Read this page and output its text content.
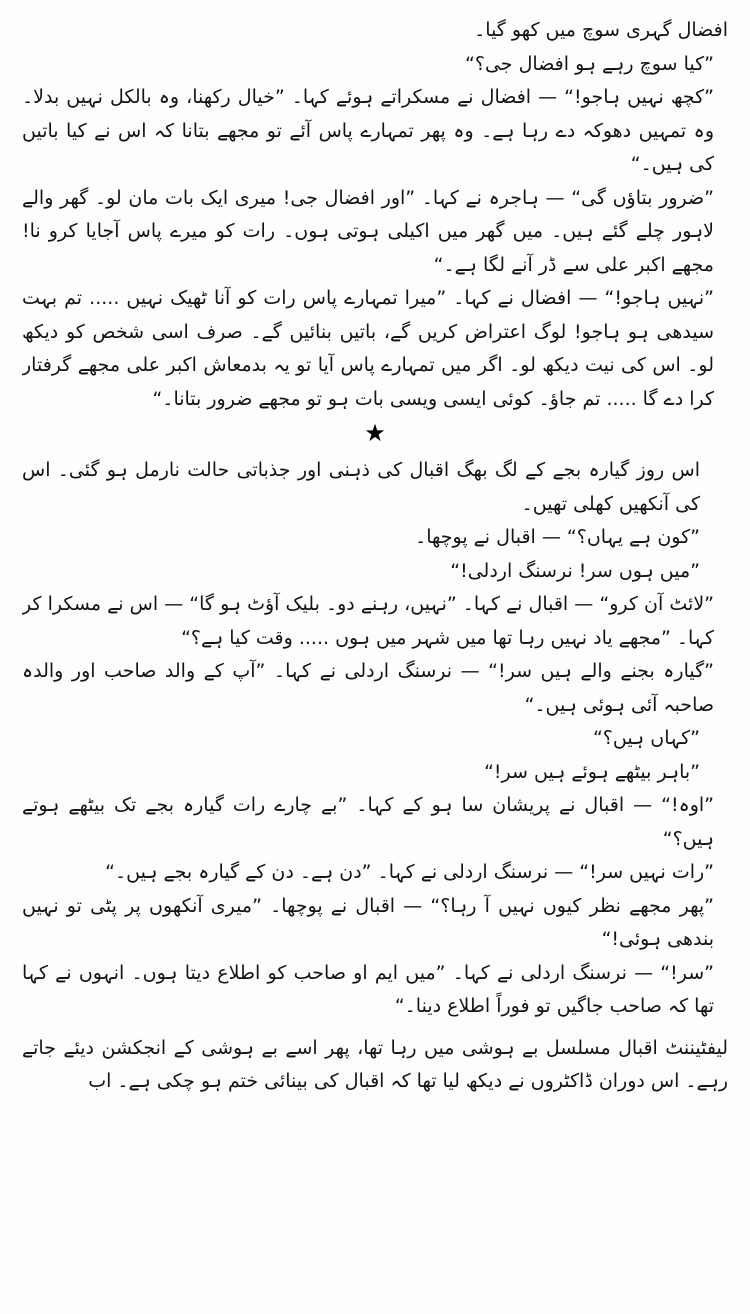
افضال گہری سوچ میں کھو گیا۔

”کیا سوچ رہے ہو افضال جی؟“

”کچھ نہیں ہاجو!“ — افضال نے مسکراتے ہوئے کہا۔ ”خیال رکھنا، وہ بالکل نہیں بدلا۔ وہ تمہیں دھوکہ دے رہا ہے۔ وہ پھر تمہارے پاس آئے تو مجھے بتانا کہ اس نے کیا باتیں کی ہیں۔“

”ضرور بتاؤں گی“ — ہاجرہ نے کہا۔ ”اور افضال جی! میری ایک بات مان لو۔ گھر والے لاہور چلے گئے ہیں۔ میں گھر میں اکیلی ہوتی ہوں۔ رات کو میرے پاس آجایا کرو نا! مجھے اکبر علی سے ڈر آنے لگا ہے۔“

”نہیں ہاجو!“ — افضال نے کہا۔ ”میرا تمہارے پاس رات کو آنا ٹھیک نہیں ..... تم بہت سیدھی ہو ہاجو! لوگ اعتراض کریں گے، باتیں بنائیں گے۔ صرف اسی شخص کو دیکھ لو۔ اس کی نیت دیکھ لو۔ اگر میں تمہارے پاس آیا تو یہ بدمعاش اکبر علی مجھے گرفتار کرا دے گا ..... تم جاؤ۔ کوئی ایسی ویسی بات ہو تو مجھے ضرور بتانا۔“

★

اس روز گیارہ بجے کے لگ بھگ اقبال کی ذہنی اور جذباتی حالت نارمل ہو گئی۔ اس کی آنکھیں کھلی تھیں۔

”کون ہے یہاں؟“ — اقبال نے پوچھا۔

”میں ہوں سر! نرسنگ اردلی!“

”لائٹ آن کرو“ — اقبال نے کہا۔ ”نہیں، رہنے دو۔ بلیک آؤٹ ہو گا“ — اس نے مسکرا کر کہا۔ ”مجھے یاد نہیں رہا تھا میں شہر میں ہوں ..... وقت کیا ہے؟“

”گیارہ بجنے والے ہیں سر!“ — نرسنگ اردلی نے کہا۔ ”آپ کے والد صاحب اور والدہ صاحبہ آئی ہوئی ہیں۔“

”کہاں ہیں؟“

”باہر بیٹھے ہوئے ہیں سر!“

”اوہ!“ — اقبال نے پریشان سا ہو کے کہا۔ ”بے چارے رات گیارہ بجے تک بیٹھے ہوتے ہیں؟“

”رات نہیں سر!“ — نرسنگ اردلی نے کہا۔ ”دن ہے۔ دن کے گیارہ بجے ہیں۔“

”پھر مجھے نظر کیوں نہیں آ رہا؟“ — اقبال نے پوچھا۔ ”میری آنکھوں پر پٹی تو نہیں بندھی ہوئی!“

”سر!“ — نرسنگ اردلی نے کہا۔ ”میں ایم او صاحب کو اطلاع دیتا ہوں۔ انہوں نے کہا تھا کہ صاحب جاگیں تو فوراً اطلاع دینا۔“

لیفٹیننٹ اقبال مسلسل بے ہوشی میں رہا تھا، پھر اسے بے ہوشی کے انجکشن دیئے جاتے رہے۔ اس دوران ڈاکٹروں نے دیکھ لیا تھا کہ اقبال کی بینائی ختم ہو چکی ہے۔ اب
